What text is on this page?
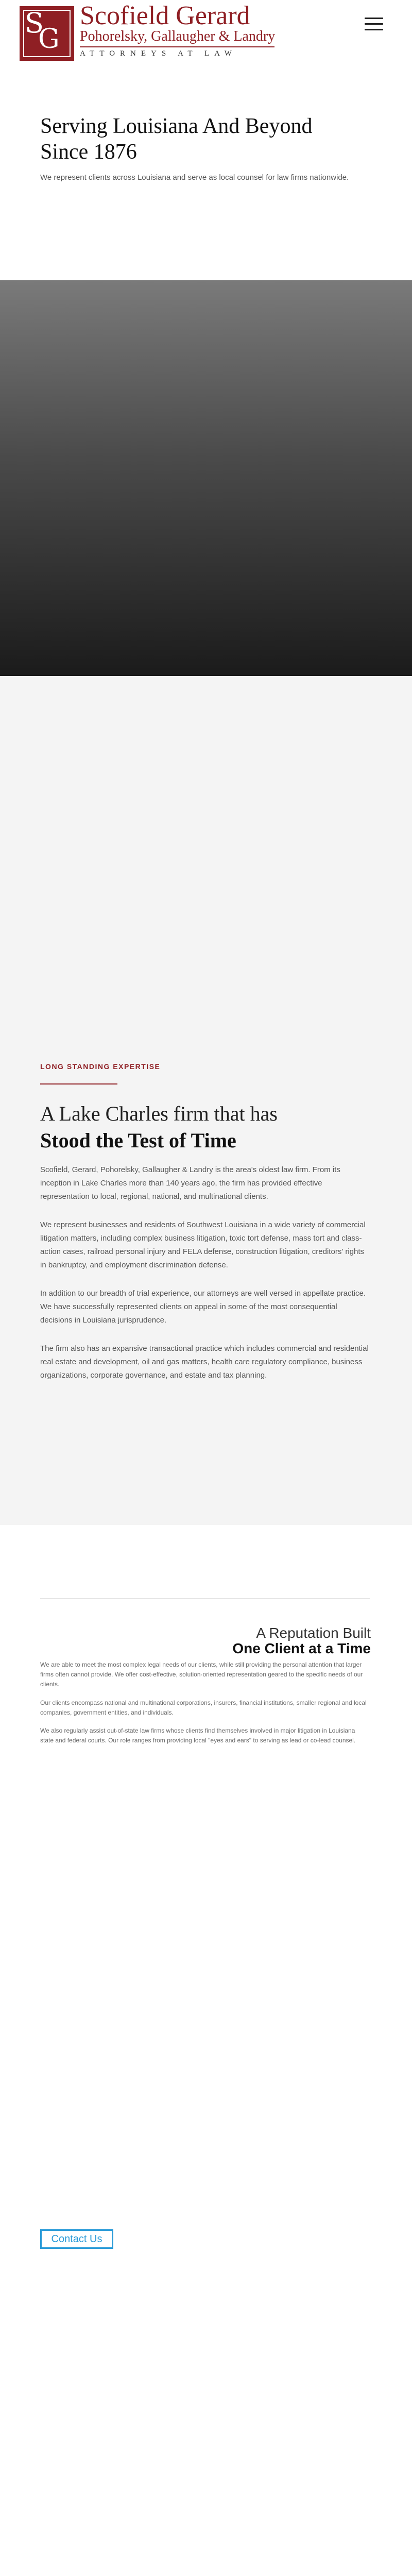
S
G
Scofield Gerard
Pohorelsky, Gallaugher & Landry
ATTORNEYS AT LAW
Serving Louisiana And Beyond Since 1876

We represent clients across Louisiana and serve as local counsel for law firms nationwide.

LONG STANDING EXPERTISE
A Lake Charles firm that has
Stood the Test of Time

Scofield, Gerard, Pohorelsky, Gallaugher & Landry is the area's oldest law firm. From its inception in Lake Charles more than 140 years ago, the firm has provided effective representation to local, regional, national, and multinational clients.

We represent businesses and residents of Southwest Louisiana in a wide variety of commercial litigation matters, including complex business litigation, toxic tort defense, mass tort and class-action cases, railroad personal injury and FELA defense, construction litigation, creditors' rights in bankruptcy, and employment discrimination defense.

In addition to our breadth of trial experience, our attorneys are well versed in appellate practice. We have successfully represented clients on appeal in some of the most consequential decisions in Louisiana jurisprudence.

The firm also has an expansive transactional practice which includes commercial and residential real estate and development, oil and gas matters, health care regulatory compliance, business organizations, corporate governance, and estate and tax planning.

A Reputation Built
One Client at a Time

We are able to meet the most complex legal needs of our clients, while still providing the personal attention that larger firms often cannot provide. We offer cost-effective, solution-oriented representation geared to the specific needs of our clients.

Our clients encompass national and multinational corporations, insurers, financial institutions, smaller regional and local companies, government entities, and individuals.

We also regularly assist out-of-state law firms whose clients find themselves involved in major litigation in Louisiana state and federal courts. Our role ranges from providing local "eyes and ears" to serving as lead or co-lead counsel.

Contact Us
